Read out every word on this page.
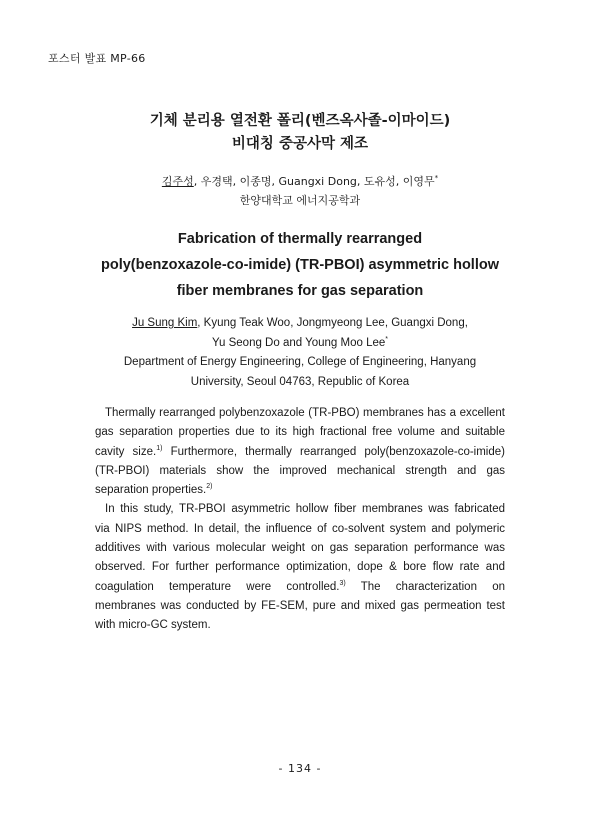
포스터 발표 MP-66
기체 분리용 열전환 폴리(벤즈옥사졸-이마이드)
비대칭 중공사막 제조
김주성, 우경택, 이종명, Guangxi Dong, 도유성, 이영무*
한양대학교 에너지공학과
Fabrication of thermally rearranged
poly(benzoxazole-co-imide) (TR-PBOI) asymmetric hollow
fiber membranes for gas separation
Ju Sung Kim, Kyung Teak Woo, Jongmyeong Lee, Guangxi Dong,
Yu Seong Do and Young Moo Lee*
Department of Energy Engineering, College of Engineering, Hanyang
University, Seoul 04763, Republic of Korea
Thermally rearranged polybenzoxazole (TR-PBO) membranes has a excellent
gas separation properties due to its high fractional free volume and suitable
cavity size.$^{1)}$ Furthermore, thermally rearranged poly(benzoxazole-co-imide)
(TR-PBOI) materials show the improved mechanical strength and gas
separation properties.$^{2)}$
In this study, TR-PBOI asymmetric hollow fiber membranes was fabricated
via NIPS method. In detail, the influence of co-solvent system and polymeric
additives with various molecular weight on gas separation performance was
observed. For further performance optimization, dope & bore flow rate and
coagulation temperature were controlled.$^{3)}$ The characterization on
membranes was conducted by FE-SEM, pure and mixed gas permeation test
with micro-GC system.
- 134 -
